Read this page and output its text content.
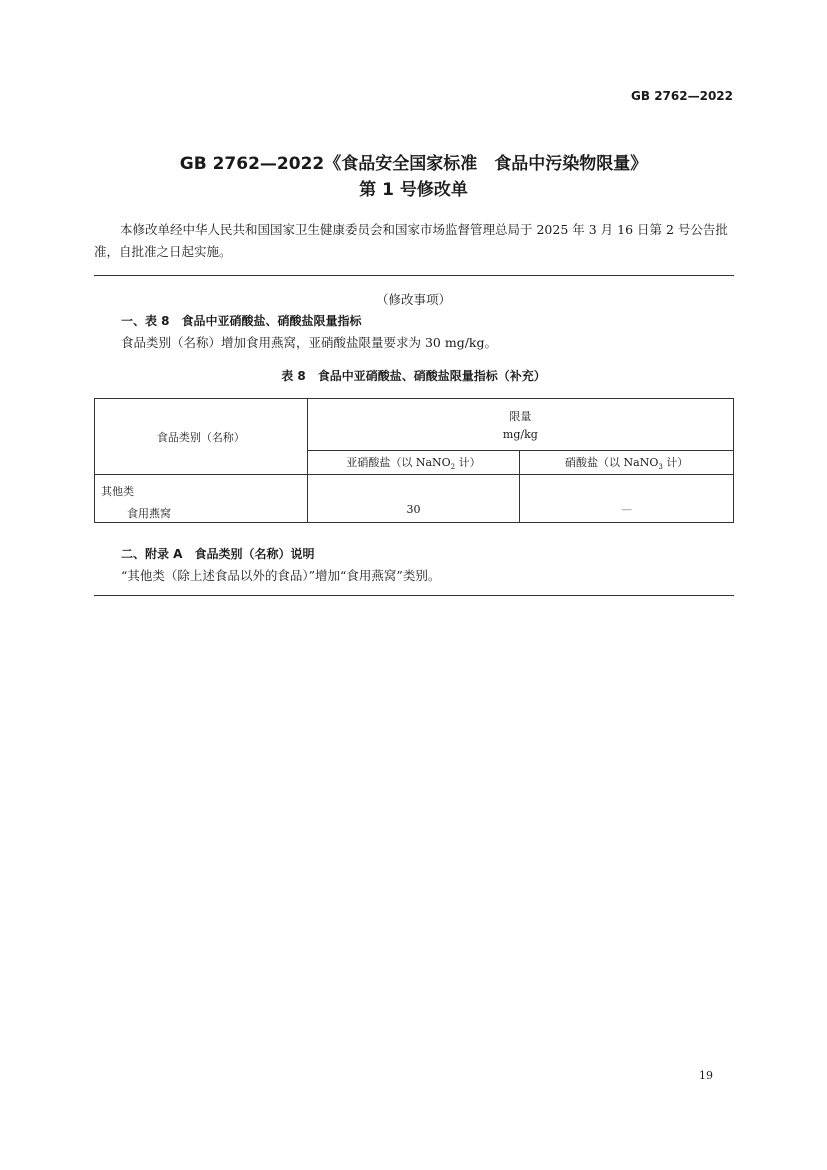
GB 2762—2022
GB 2762—2022《食品安全国家标准　食品中污染物限量》
第 1 号修改单
本修改单经中华人民共和国国家卫生健康委员会和国家市场监督管理总局于 2025 年 3 月 16 日第 2 号公告批准，自批准之日起实施。
（修改事项）
一、表 8　食品中亚硝酸盐、硝酸盐限量指标
食品类别（名称）增加食用燕窝，亚硝酸盐限量要求为 30 mg/kg。
表 8　食品中亚硝酸盐、硝酸盐限量指标（补充）
食品类别（名称）	限量
mg/kg	

	亚硝酸盐（以 NaNO$_2$ 计）	硝酸盐（以 NaNO$_3$ 计）

其他类
食用燕窝	30	—
二、附录 A　食品类别（名称）说明
“其他类（除上述食品以外的食品）”增加“食用燕窝”类别。
19
